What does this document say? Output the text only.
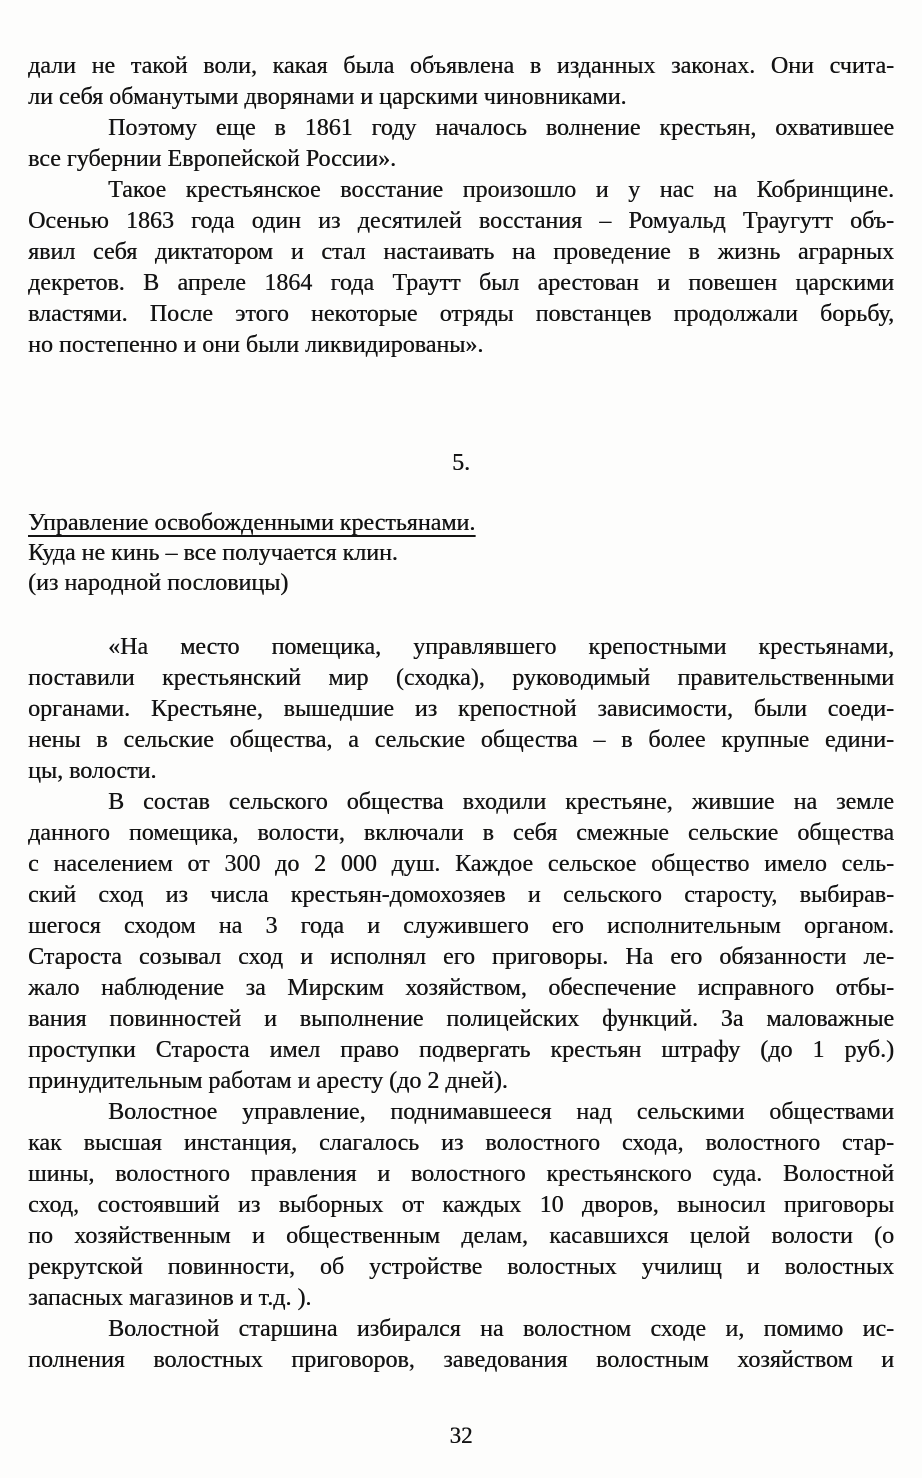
дали не такой воли, какая была объявлена в изданных законах. Они счита-
ли себя обманутыми дворянами и царскими чиновниками.
Поэтому еще в 1861 году началось волнение крестьян, охватившее
все губернии Европейской России».
Такое крестьянское восстание произошло и у нас на Кобринщине.
Осенью 1863 года один из десятилей восстания – Ромуальд Траугутт объ-
явил себя диктатором и стал настаивать на проведение в жизнь аграрных
декретов. В апреле 1864 года Траутт был арестован и повешен царскими
властями. После этого некоторые отряды повстанцев продолжали борьбу,
но постепенно и они были ликвидированы».
5.
Управление освобожденными крестьянами.
Куда не кинь – все получается клин.
(из народной пословицы)
«На место помещика, управлявшего крепостными крестьянами,
поставили крестьянский мир (сходка), руководимый правительственными
органами. Крестьяне, вышедшие из крепостной зависимости, были соеди-
нены в сельские общества, а сельские общества – в более крупные едини-
цы, волости.
В состав сельского общества входили крестьяне, жившие на земле
данного помещика, волости, включали в себя смежные сельские общества
с населением от 300 до 2 000 душ. Каждое сельское общество имело сель-
ский сход из числа крестьян-домохозяев и сельского старосту, выбирав-
шегося сходом на 3 года и служившего его исполнительным органом.
Староста созывал сход и исполнял его приговоры. На его обязанности ле-
жало наблюдение за Мирским хозяйством, обеспечение исправного отбы-
вания повинностей и выполнение полицейских функций. За маловажные
проступки Староста имел право подвергать крестьян штрафу (до 1 руб.)
принудительным работам и аресту (до 2 дней).
Волостное управление, поднимавшееся над сельскими обществами
как высшая инстанция, слагалось из волостного схода, волостного стар-
шины, волостного правления и волостного крестьянского суда. Волостной
сход, состоявший из выборных от каждых 10 дворов, выносил приговоры
по хозяйственным и общественным делам, касавшихся целой волости (о
рекрутской повинности, об устройстве волостных училищ и волостных
запасных магазинов и т.д. ).
Волостной старшина избирался на волостном сходе и, помимо ис-
полнения волостных приговоров, заведования волостным хозяйством и
32
